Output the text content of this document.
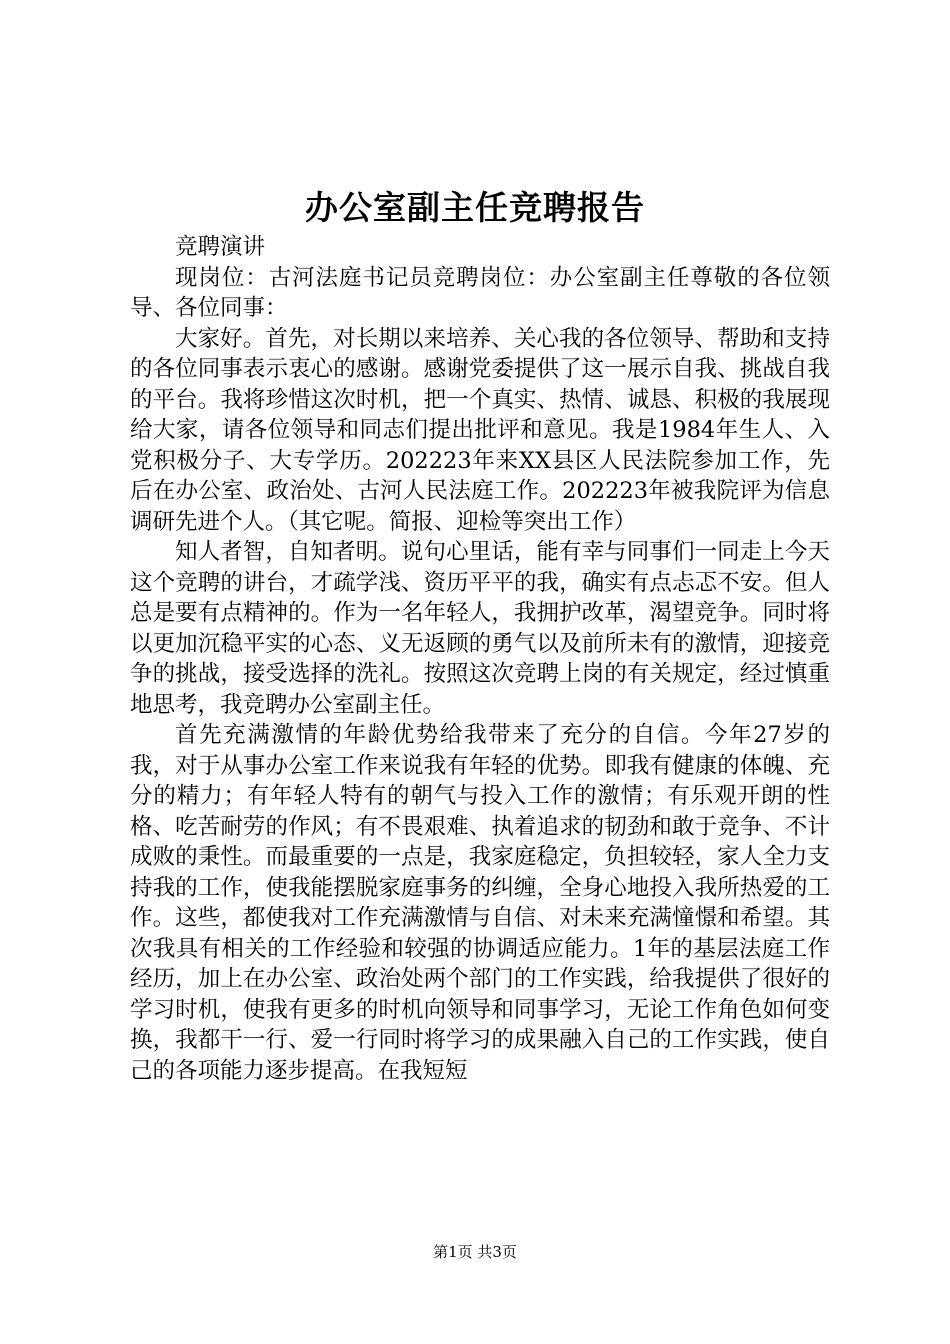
办公室副主任竞聘报告

竞聘演讲

现岗位：古河法庭书记员竞聘岗位：办公室副主任尊敬的各位领导、各位同事：

大家好。首先，对长期以来培养、关心我的各位领导、帮助和支持的各位同事表示衷心的感谢。感谢党委提供了这一展示自我、挑战自我的平台。我将珍惜这次时机，把一个真实、热情、诚恳、积极的我展现给大家，请各位领导和同志们提出批评和意见。我是1984年生人、入党积极分子、大专学历。202223年来XX县区人民法院参加工作，先后在办公室、政治处、古河人民法庭工作。202223年被我院评为信息调研先进个人。（其它呢。简报、迎检等突出工作）

知人者智，自知者明。说句心里话，能有幸与同事们一同走上今天这个竞聘的讲台，才疏学浅、资历平平的我，确实有点忐忑不安。但人总是要有点精神的。作为一名年轻人，我拥护改革，渴望竞争。同时将以更加沉稳平实的心态、义无返顾的勇气以及前所未有的激情，迎接竞争的挑战，接受选择的洗礼。按照这次竞聘上岗的有关规定，经过慎重地思考，我竞聘办公室副主任。

首先充满激情的年龄优势给我带来了充分的自信。今年27岁的我，对于从事办公室工作来说我有年轻的优势。即我有健康的体魄、充分的精力；有年轻人特有的朝气与投入工作的激情；有乐观开朗的性格、吃苦耐劳的作风；有不畏艰难、执着追求的韧劲和敢于竞争、不计成败的秉性。而最重要的一点是，我家庭稳定，负担较轻，家人全力支持我的工作，使我能摆脱家庭事务的纠缠，全身心地投入我所热爱的工作。这些，都使我对工作充满激情与自信、对未来充满憧憬和希望。其次我具有相关的工作经验和较强的协调适应能力。1年的基层法庭工作经历，加上在办公室、政治处两个部门的工作实践，给我提供了很好的学习时机，使我有更多的时机向领导和同事学习，无论工作角色如何变换，我都干一行、爱一行同时将学习的成果融入自己的工作实践，使自己的各项能力逐步提高。在我短短

第1页 共3页
